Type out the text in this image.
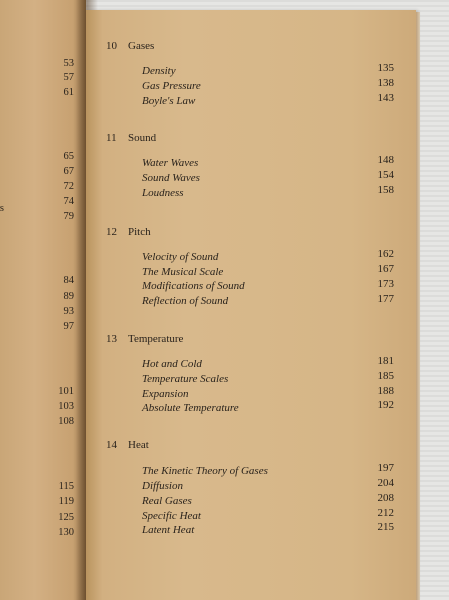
53
57
61
65
67
72
74
79
84
89
93
97
101
103
108
115
119
125
130
s
10 Gases
Density	135
Gas Pressure	138
Boyle's Law	143
11 Sound
Water Waves	148
Sound Waves	154
Loudness	158
12 Pitch
Velocity of Sound	162
The Musical Scale	167
Modifications of Sound	173
Reflection of Sound	177
13 Temperature
Hot and Cold	181
Temperature Scales	185
Expansion	188
Absolute Temperature	192
14 Heat
The Kinetic Theory of Gases	197
Diffusion	204
Real Gases	208
Specific Heat	212
Latent Heat	215
